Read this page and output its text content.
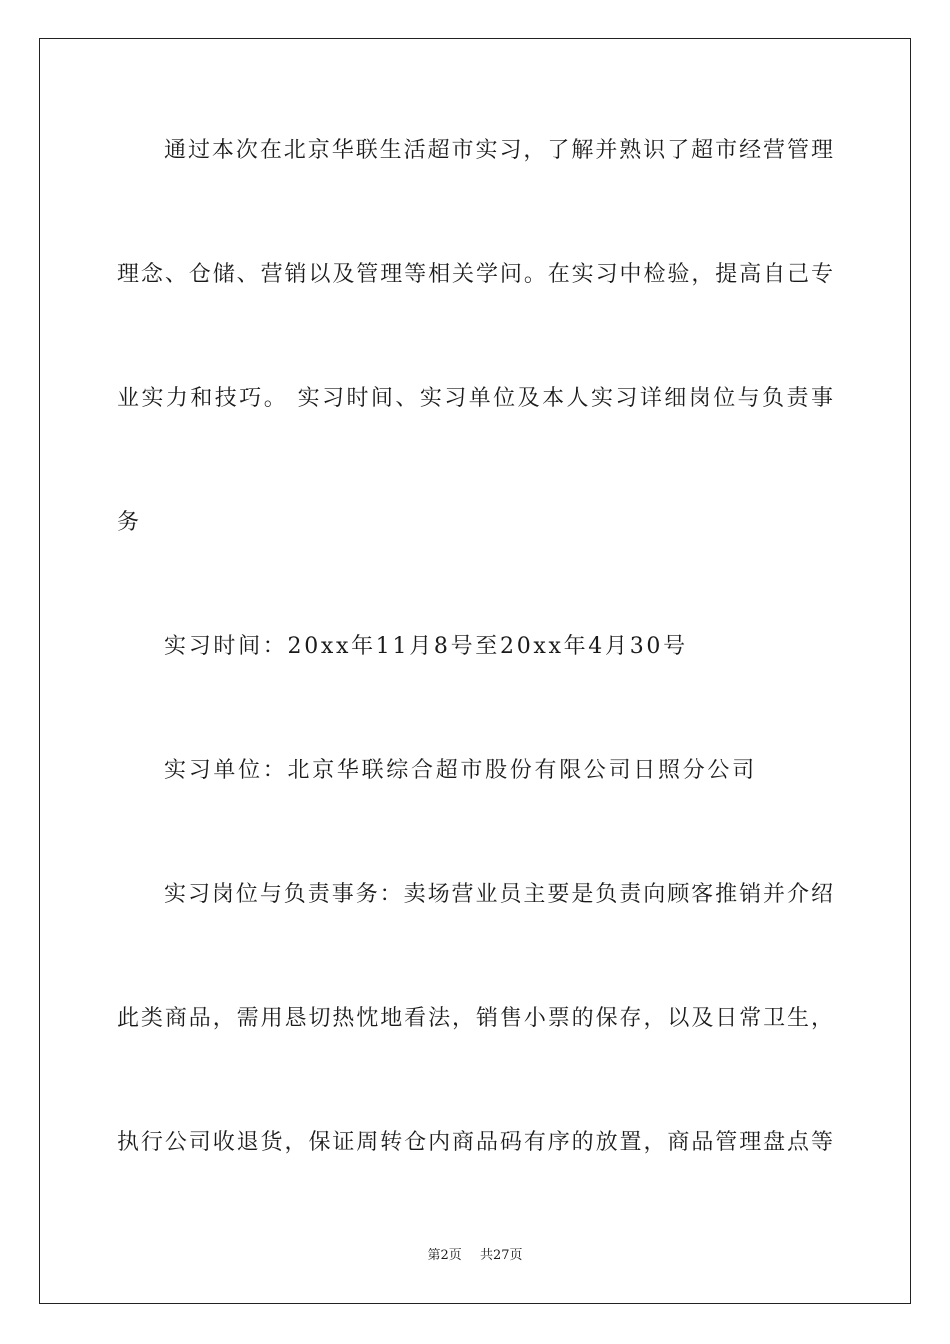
通过本次在北京华联生活超市实习，了解并熟识了超市经营管理
理念、仓储、营销以及管理等相关学问。在实习中检验，提高自己专
业实力和技巧。 实习时间、实习单位及本人实习详细岗位与负责事
务
实习时间：20xx年11月8号至20xx年4月30号
实习单位：北京华联综合超市股份有限公司日照分公司
实习岗位与负责事务：卖场营业员主要是负责向顾客推销并介绍
此类商品，需用恳切热忱地看法，销售小票的保存，以及日常卫生，
执行公司收退货，保证周转仓内商品码有序的放置，商品管理盘点等
第2页 共27页
